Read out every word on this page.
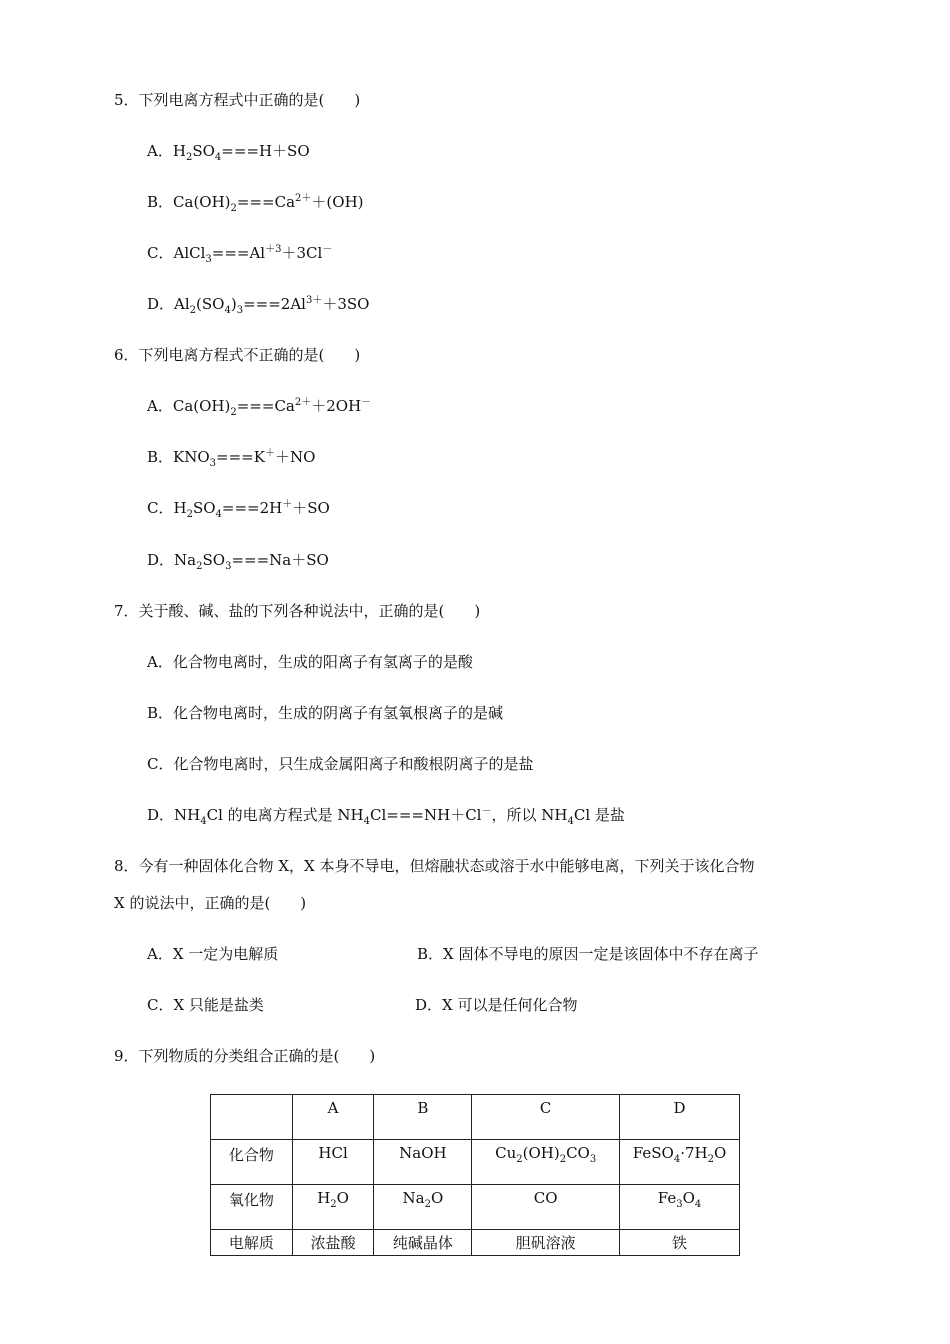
5．下列电离方程式中正确的是(　　)
A．$H_2SO_4===H+SO$
B．$Ca(OH)_2===Ca^{2+}+(OH)$
C．$AlCl_3===Al^{+3}+3Cl^-$
D．$Al_2(SO_4)_3===2Al^{3+}+3SO$
6．下列电离方程式不正确的是(　　)
A．$Ca(OH)_2===Ca^{2+}+2OH^-$
B．$KNO_3===K^++NO$
C．$H_2SO_4===2H^++SO$
D．$Na_2SO_3===Na+SO$
7．关于酸、碱、盐的下列各种说法中，正确的是(　　)
A．化合物电离时，生成的阳离子有氢离子的是酸
B．化合物电离时，生成的阴离子有氢氧根离子的是碱
C．化合物电离时，只生成金属阳离子和酸根阴离子的是盐
D．$NH_4Cl$ 的电离方程式是 $NH_4Cl===NH+Cl^-$，所以 $NH_4Cl$ 是盐
8．今有一种固体化合物 X，X 本身不导电，但熔融状态或溶于水中能够电离，下列关于该化合物
X 的说法中，正确的是(　　)
A．X 一定为电解质	B．X 固体不导电的原因一定是该固体中不存在离子
C．X 只能是盐类	D．X 可以是任何化合物
9．下列物质的分类组合正确的是(　　)
	A	B	C	D
化合物	HCl	NaOH	$Cu_2(OH)_2CO_3$	$FeSO_4\cdot 7H_2O$
氧化物	$H_2O$	$Na_2O$	CO	$Fe_3O_4$
电解质	浓盐酸	纯碱晶体	胆矾溶液	铁
